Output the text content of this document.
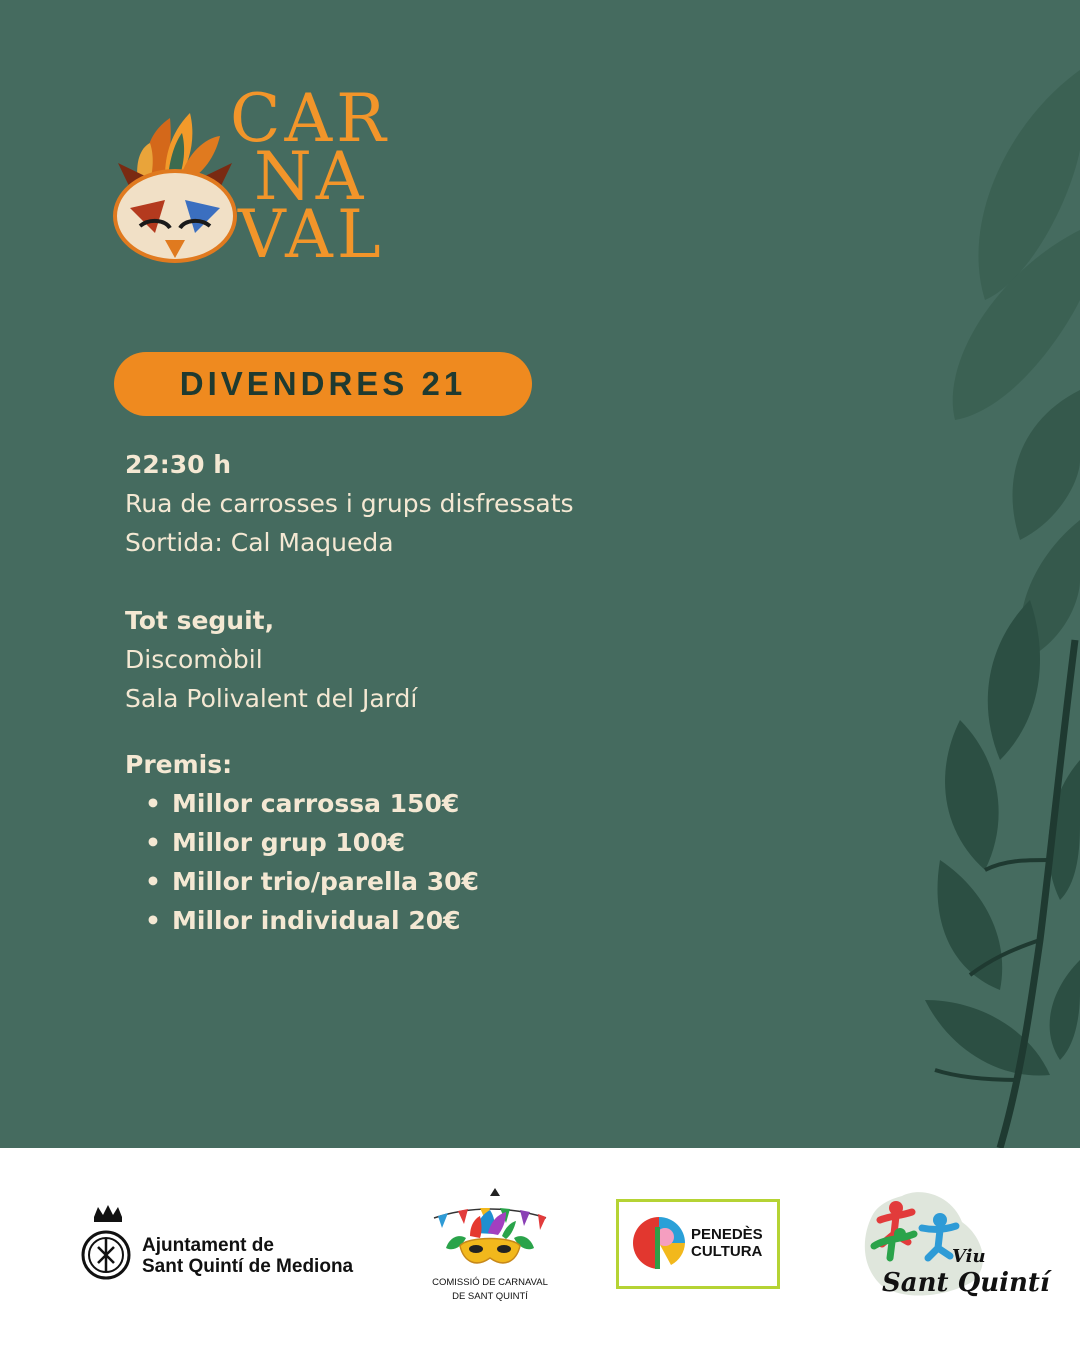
CAR
NA
VAL
DIVENDRES 21
22:30 h
Rua de carrosses i grups disfressats
Sortida: Cal Maqueda
Tot seguit,
Discomòbil
Sala Polivalent del Jardí
Premis:
• Millor carrossa 150€
• Millor grup 100€
• Millor trio/parella 30€
• Millor individual 20€
Ajuntament de
Sant Quintí de Mediona
COMISSIÓ DE CARNAVAL
DE SANT QUINTÍ
PENEDÈS
CULTURA	Viu
Sant Quintí
